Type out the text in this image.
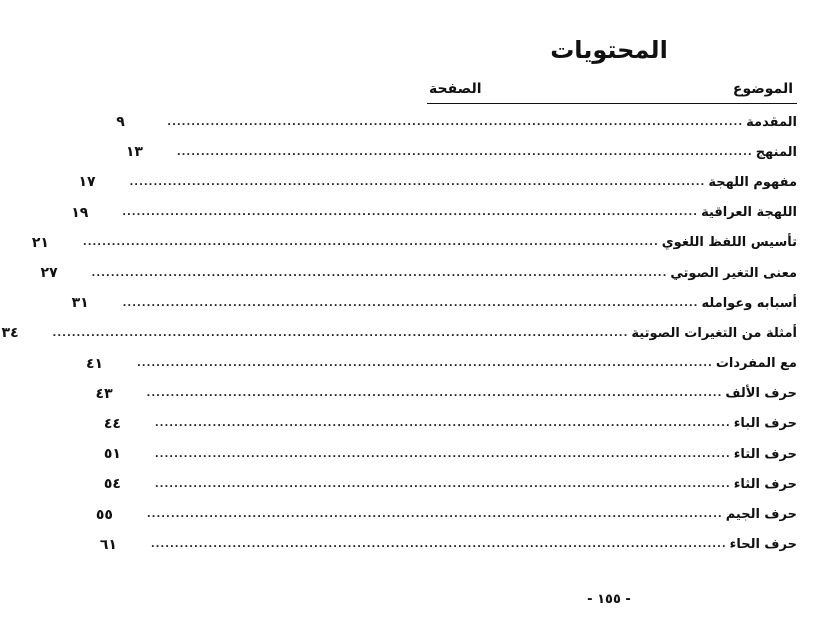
المحتويات
الموضوع
الصفحة
المقدمة
........................................................................................................................
٩
المنهج
........................................................................................................................
١٣
مفهوم اللهجة
........................................................................................................................
١٧
اللهجة العراقية
........................................................................................................................
١٩
تأسيس اللفظ اللغوي
........................................................................................................................
٢١
معنى التغير الصوتي
........................................................................................................................
٢٧
أسبابه وعوامله
........................................................................................................................
٣١
أمثلة من التغيرات الصوتية
........................................................................................................................
٣٤
مع المفردات
........................................................................................................................
٤١
حرف الألف
........................................................................................................................
٤٣
حرف الباء
........................................................................................................................
٤٤
حرف التاء
........................................................................................................................
٥١
حرف الثاء
........................................................................................................................
٥٤
حرف الجيم
........................................................................................................................
٥٥
حرف الحاء
........................................................................................................................
٦١
- ١٥٥ -
